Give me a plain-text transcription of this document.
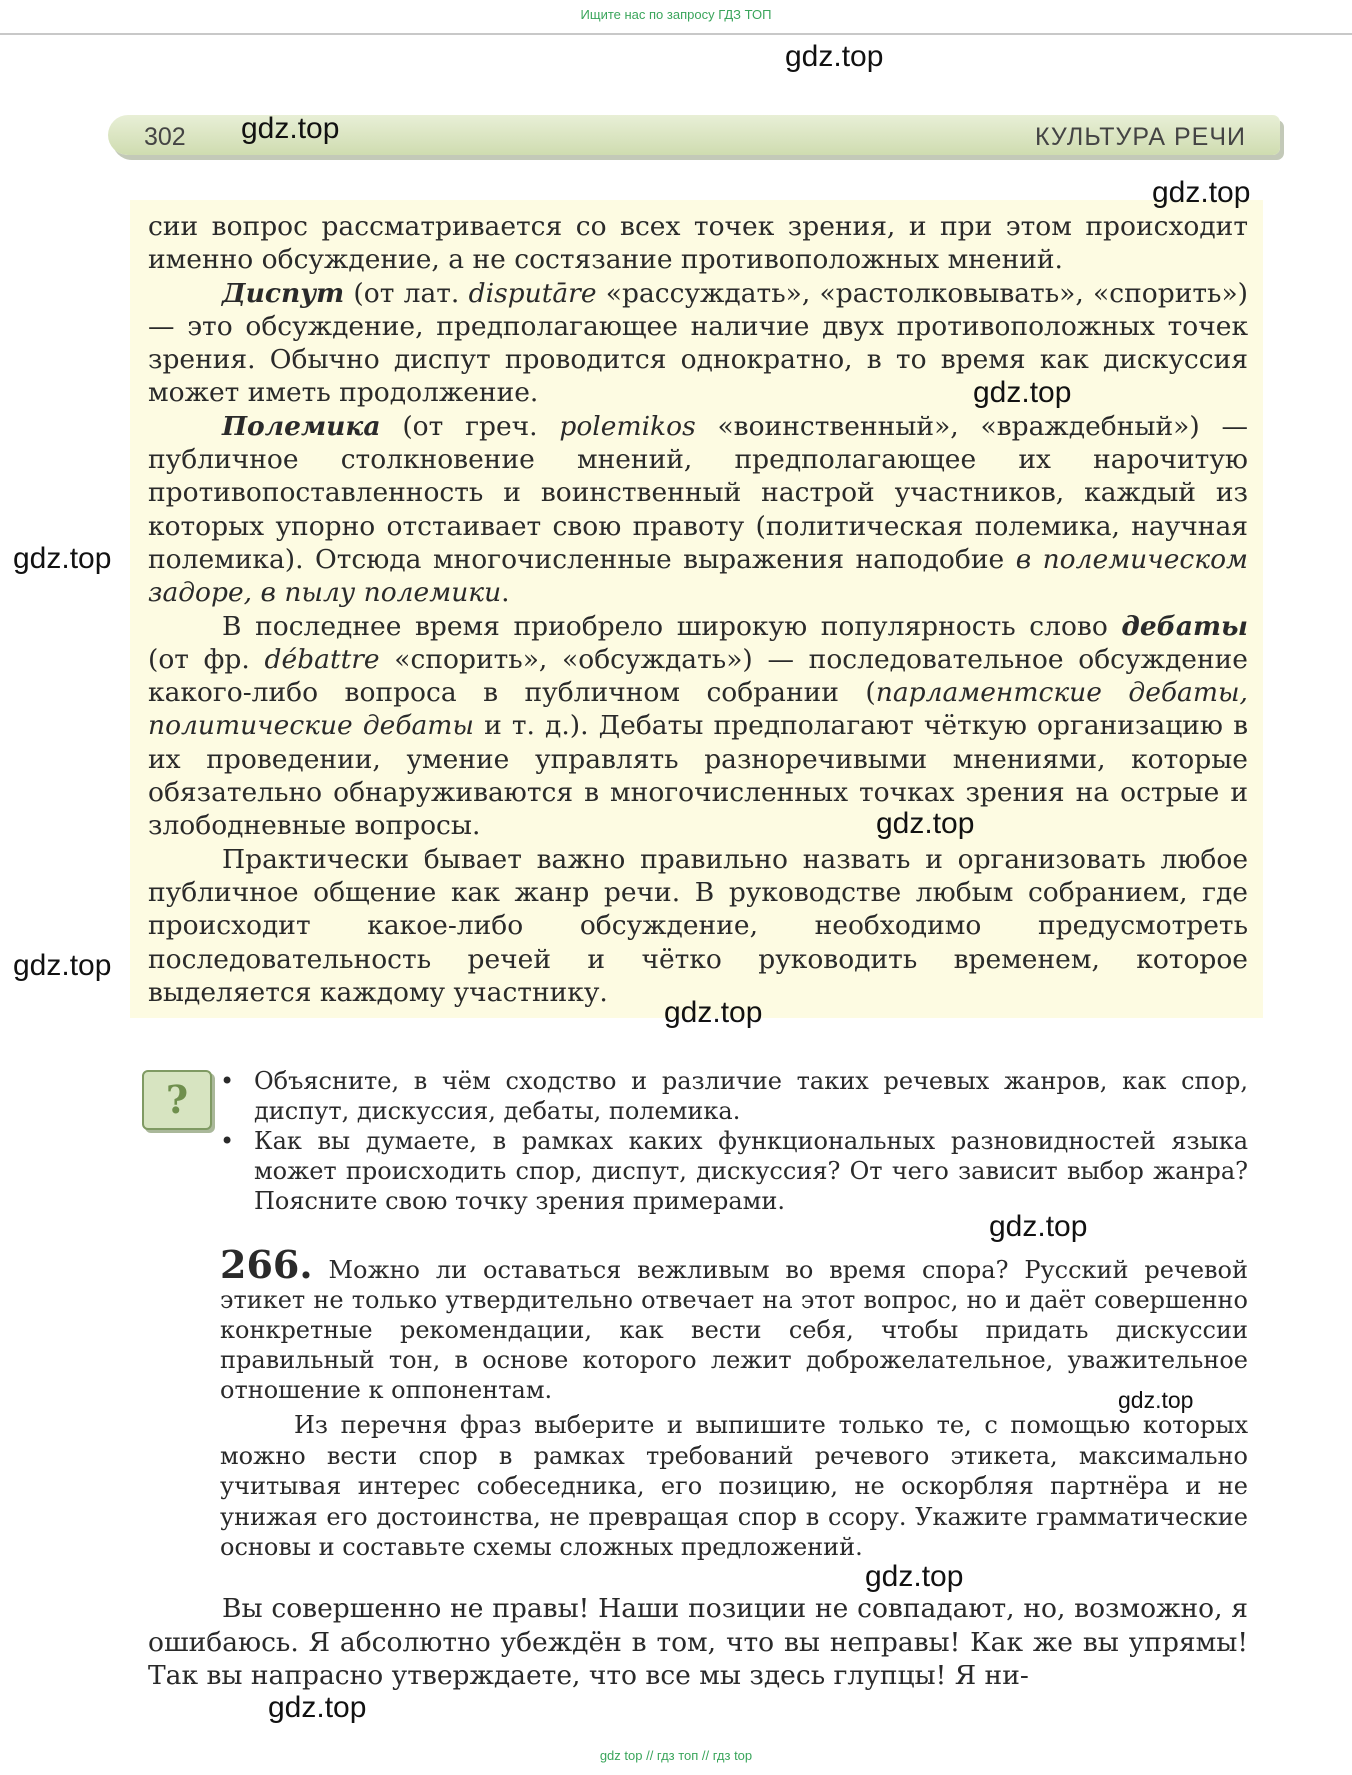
Ищите нас по запросу ГДЗ ТОП
302	КУЛЬТУРА РЕЧИ

сии вопрос рассматривается со всех точек зрения, и при этом происходит именно обсуждение, а не состязание противоположных мнений.

Диспут (от лат. disputāre «рассуждать», «растолковывать», «спорить») — это обсуждение, предполагающее наличие двух противоположных точек зрения. Обычно диспут проводится однократно, в то время как дискуссия может иметь продолжение.

Полемика (от греч. polemikos «воинственный», «враждебный») — публичное столкновение мнений, предполагающее их нарочитую противопоставленность и воинственный настрой участников, каждый из которых упорно отстаивает свою правоту (политическая полемика, научная полемика). Отсюда многочисленные выражения наподобие в полемическом задоре, в пылу полемики.

В последнее время приобрело широкую популярность слово дебаты (от фр. débattre «спорить», «обсуждать») — последовательное обсуждение какого-либо вопроса в публичном собрании (парламентские дебаты, политические дебаты и т. д.). Дебаты предполагают чёткую организацию в их проведении, умение управлять разноречивыми мнениями, которые обязательно обнаруживаются в многочисленных точках зрения на острые и злободневные вопросы.

Практически бывает важно правильно назвать и организовать любое публичное общение как жанр речи. В руководстве любым собранием, где происходит какое-либо обсуждение, необходимо предусмотреть последовательность речей и чётко руководить временем, которое выделяется каждому участнику.

?
•	Объясните, в чём сходство и различие таких речевых жанров, как спор, диспут, дискуссия, дебаты, полемика.
• Как вы думаете, в рамках каких функциональных разновидностей языка может происходить спор, диспут, дискуссия? От чего зависит выбор жанра? Поясните свою точку зрения примерами.

266. Можно ли оставаться вежливым во время спора? Русский речевой этикет не только утвердительно отвечает на этот вопрос, но и даёт совершенно конкретные рекомендации, как вести себя, чтобы придать дискуссии правильный тон, в основе которого лежит доброжелательное, уважительное отношение к оппонентам.

Из перечня фраз выберите и выпишите только те, с помощью которых можно вести спор в рамках требований речевого этикета, максимально учитывая интерес собеседника, его позицию, не оскорбляя партнёра и не унижая его достоинства, не превращая спор в ссору. Укажите грамматические основы и составьте схемы сложных предложений.

Вы совершенно не правы! Наши позиции не совпадают, но, возможно, я ошибаюсь. Я абсолютно убеждён в том, что вы неправы! Как же вы упрямы! Так вы напрасно утверждаете, что все мы здесь глупцы! Я ни-

gdz.top
gdz.top
gdz.top
gdz.top
gdz.top
gdz.top
gdz.top
gdz.top
gdz.top
gdz.top
gdz.top
gdz.top
gdz top // гдз топ // гдз top
